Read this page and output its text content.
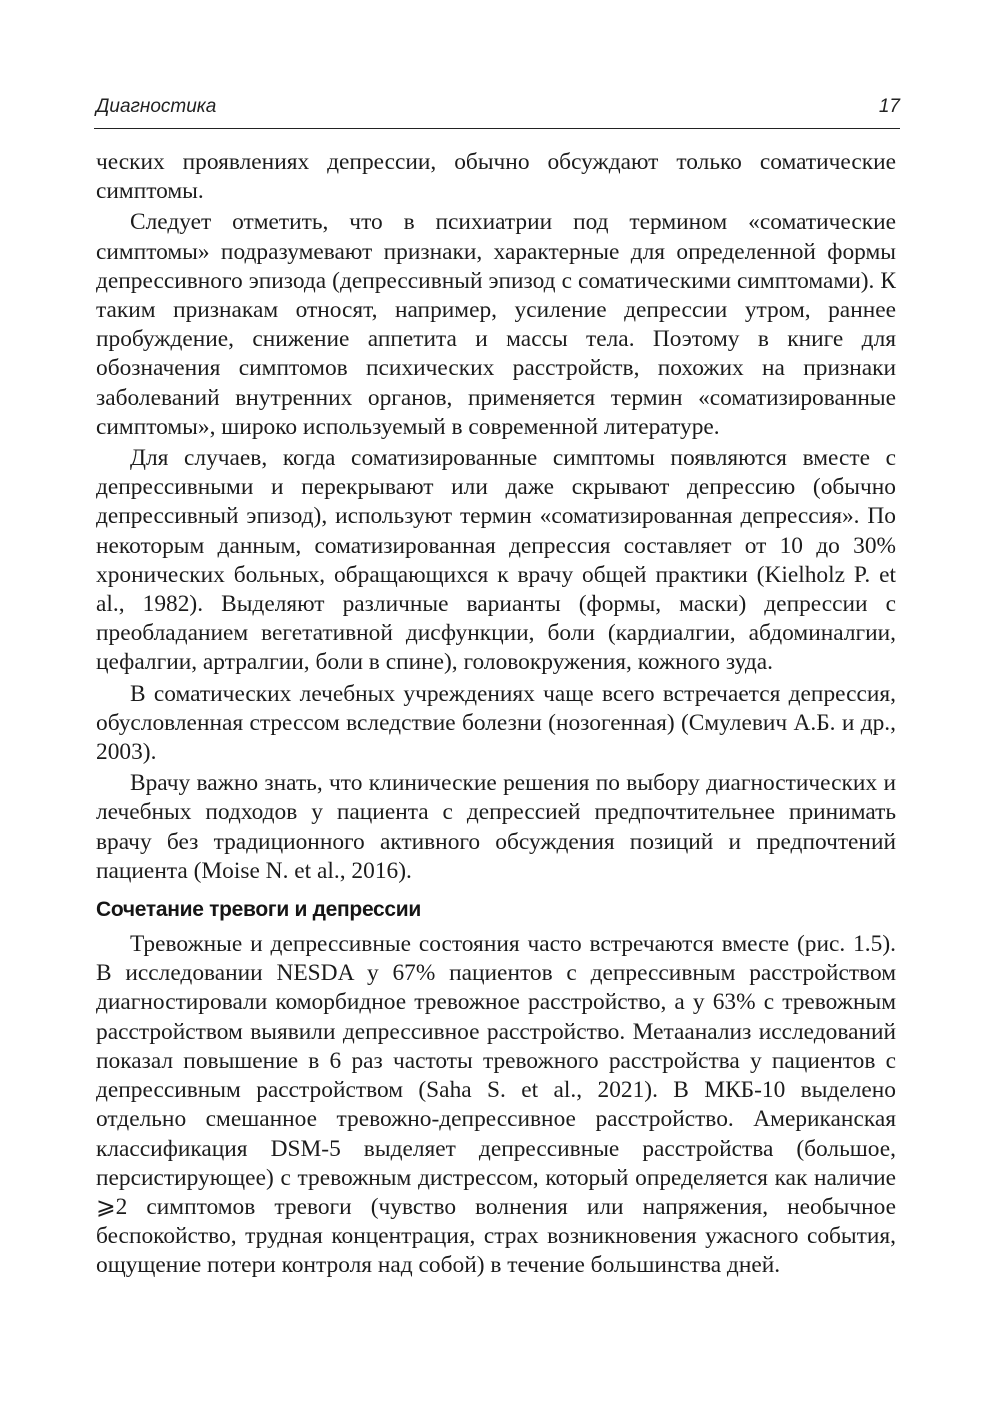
Диагностика	17

ческих проявлениях депрессии, обычно обсуждают только соматические симптомы.

Следует отметить, что в психиатрии под термином «соматические симптомы» подразумевают признаки, характерные для определенной формы депрессивного эпизода (депрессивный эпизод с соматическими симптомами). К таким признакам относят, например, усиление депрессии утром, раннее пробуждение, снижение аппетита и массы тела. Поэтому в книге для обозначения симптомов психических расстройств, похожих на признаки заболеваний внутренних органов, применяется термин «соматизированные симптомы», широко используемый в современной литературе.

Для случаев, когда соматизированные симптомы появляются вместе с депрессивными и перекрывают или даже скрывают депрессию (обычно депрессивный эпизод), используют термин «соматизированная депрессия». По некоторым данным, соматизированная депрессия составляет от 10 до 30% хронических больных, обращающихся к врачу общей практики (Kielholz P. et al., 1982). Выделяют различные варианты (формы, маски) депрессии с преобладанием вегетативной дисфункции, боли (кардиалгии, абдоминалгии, цефалгии, артралгии, боли в спине), головокружения, кожного зуда.

В соматических лечебных учреждениях чаще всего встречается депрессия, обусловленная стрессом вследствие болезни (нозогенная) (Смулевич А.Б. и др., 2003).

Врачу важно знать, что клинические решения по выбору диагностических и лечебных подходов у пациента с депрессией предпочтительнее принимать врачу без традиционного активного обсуждения позиций и предпочтений пациента (Moise N. et al., 2016).

Сочетание тревоги и депрессии

Тревожные и депрессивные состояния часто встречаются вместе (рис. 1.5). В исследовании NESDA у 67% пациентов с депрессивным расстройством диагностировали коморбидное тревожное расстройство, а у 63% с тревожным расстройством выявили депрессивное расстройство. Метаанализ исследований показал повышение в 6 раз частоты тревожного расстройства у пациентов с депрессивным расстройством (Saha S. et al., 2021). В МКБ-10 выделено отдельно смешанное тревожно-депрессивное расстройство. Американская классификация DSM-5 выделяет депрессивные расстройства (большое, персистирующее) с тревожным дистрессом, который определяется как наличие ⩾2 симптомов тревоги (чувство волнения или напряжения, необычное беспокойство, трудная концентрация, страх возникновения ужасного события, ощущение потери контроля над собой) в течение большинства дней.
